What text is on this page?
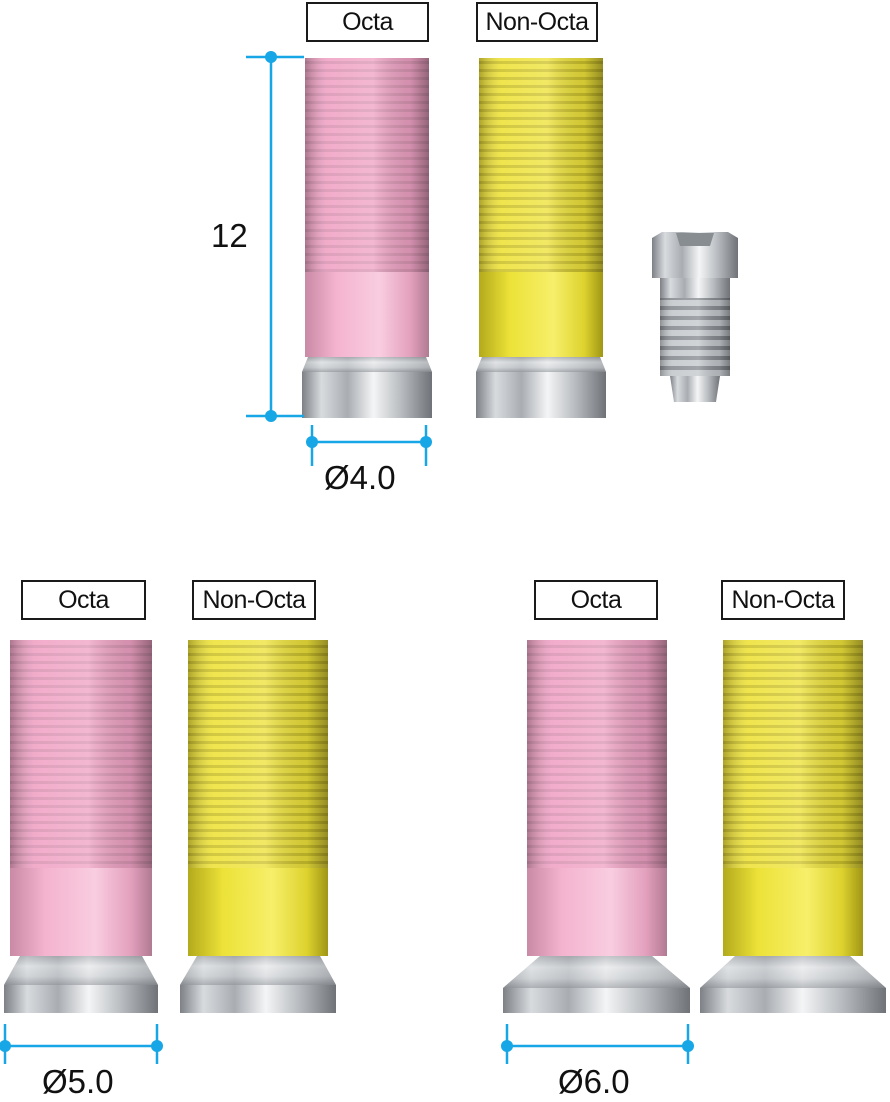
Octa	Non-Octa
Octa	Non-Octa	Octa	Non-Octa
12
Ø4.0
Ø5.0	Ø6.0
